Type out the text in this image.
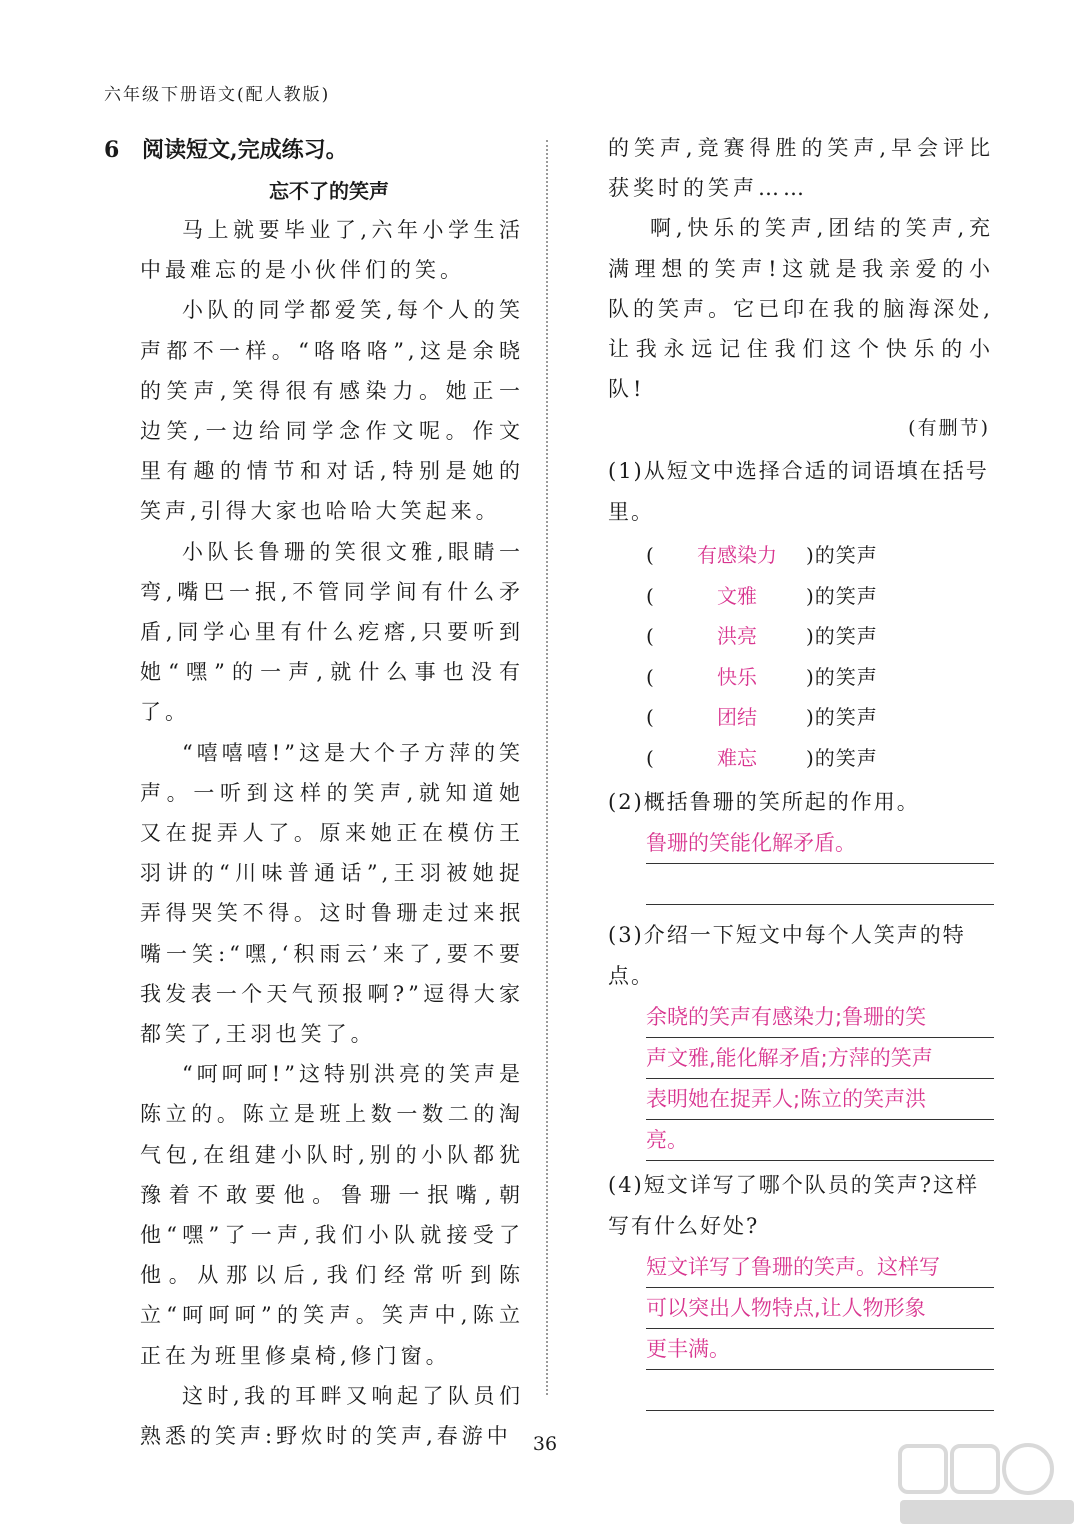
六年级下册语文(配人教版)
6 阅读短文,完成练习。
忘不了的笑声

马上就要毕业了,六年小学生活中最难忘的是小伙伴们的笑。

小队的同学都爱笑,每个人的笑声都不一样。“咯咯咯”,这是余晓的笑声,笑得很有感染力。她正一边笑,一边给同学念作文呢。作文里有趣的情节和对话,特别是她的笑声,引得大家也哈哈大笑起来。

小队长鲁珊的笑很文雅,眼睛一弯,嘴巴一抿,不管同学间有什么矛盾,同学心里有什么疙瘩,只要听到她“嘿”的一声,就什么事也没有了。

“嘻嘻嘻!”这是大个子方萍的笑声。一听到这样的笑声,就知道她又在捉弄人了。原来她正在模仿王羽讲的“川味普通话”,王羽被她捉弄得哭笑不得。这时鲁珊走过来抿嘴一笑:“嘿,‘积雨云’来了,要不要我发表一个天气预报啊?”逗得大家都笑了,王羽也笑了。

“呵呵呵!”这特别洪亮的笑声是陈立的。陈立是班上数一数二的淘气包,在组建小队时,别的小队都犹豫着不敢要他。鲁珊一抿嘴,朝他“嘿”了一声,我们小队就接受了他。从那以后,我们经常听到陈立“呵呵呵”的笑声。笑声中,陈立正在为班里修桌椅,修门窗。

这时,我的耳畔又响起了队员们熟悉的笑声:野炊时的笑声,春游中

的笑声,竞赛得胜的笑声,早会评比获奖时的笑声……

啊,快乐的笑声,团结的笑声,充满理想的笑声!这就是我亲爱的小队的笑声。它已印在我的脑海深处,让我永远记住我们这个快乐的小队!

(有删节)
(1)从短文中选择合适的词语填在括号里。
(	有感染力	)的笑声
(	文雅	)的笑声
(	洪亮	)的笑声
(	快乐	)的笑声
(	团结	)的笑声
(	难忘	)的笑声
(2)概括鲁珊的笑所起的作用。
鲁珊的笑能化解矛盾。
(3)介绍一下短文中每个人笑声的特点。
余晓的笑声有感染力;鲁珊的笑
声文雅,能化解矛盾;方萍的笑声
表明她在捉弄人;陈立的笑声洪
亮。
(4)短文详写了哪个队员的笑声?这样写有什么好处?
短文详写了鲁珊的笑声。这样写
可以突出人物特点,让人物形象
更丰满。
36
